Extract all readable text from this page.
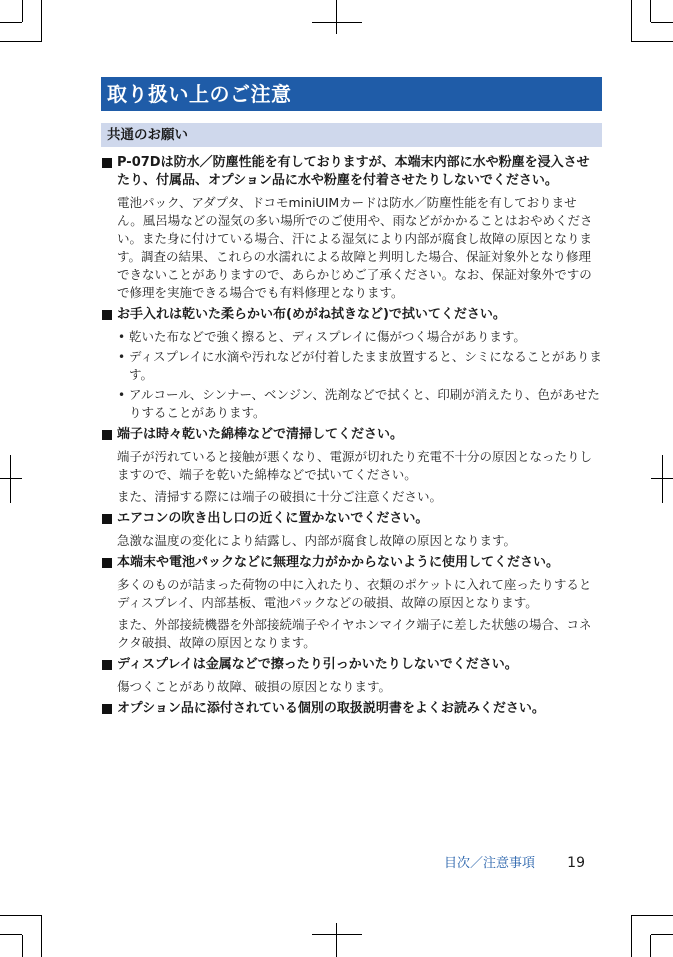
取り扱い上のご注意
共通のお願い

P-07Dは防水／防塵性能を有しておりますが、本端末内部に水や粉塵を浸入させたり、付属品、オプション品に水や粉塵を付着させたりしないでください。

電池パック、アダプタ、ドコモminiUIMカードは防水／防塵性能を有しておりません。風呂場などの湿気の多い場所でのご使用や、雨などがかかることはおやめください。また身に付けている場合、汗による湿気により内部が腐食し故障の原因となります。調査の結果、これらの水濡れによる故障と判明した場合、保証対象外となり修理できないことがありますので、あらかじめご了承ください。なお、保証対象外ですので修理を実施できる場合でも有料修理となります。

お手入れは乾いた柔らかい布(めがね拭きなど)で拭いてください。

• 乾いた布などで強く擦ると、ディスプレイに傷がつく場合があります。
• ディスプレイに水滴や汚れなどが付着したまま放置すると、シミになることがあります。
• アルコール、シンナー、ベンジン、洗剤などで拭くと、印刷が消えたり、色があせたりすることがあります。

端子は時々乾いた綿棒などで清掃してください。

端子が汚れていると接触が悪くなり、電源が切れたり充電不十分の原因となったりしますので、端子を乾いた綿棒などで拭いてください。

また、清掃する際には端子の破損に十分ご注意ください。

エアコンの吹き出し口の近くに置かないでください。

急激な温度の変化により結露し、内部が腐食し故障の原因となります。

本端末や電池パックなどに無理な力がかからないように使用してください。

多くのものが詰まった荷物の中に入れたり、衣類のポケットに入れて座ったりするとディスプレイ、内部基板、電池パックなどの破損、故障の原因となります。

また、外部接続機器を外部接続端子やイヤホンマイク端子に差した状態の場合、コネクタ破損、故障の原因となります。

ディスプレイは金属などで擦ったり引っかいたりしないでください。

傷つくことがあり故障、破損の原因となります。

オプション品に添付されている個別の取扱説明書をよくお読みください。

目次／注意事項 19
